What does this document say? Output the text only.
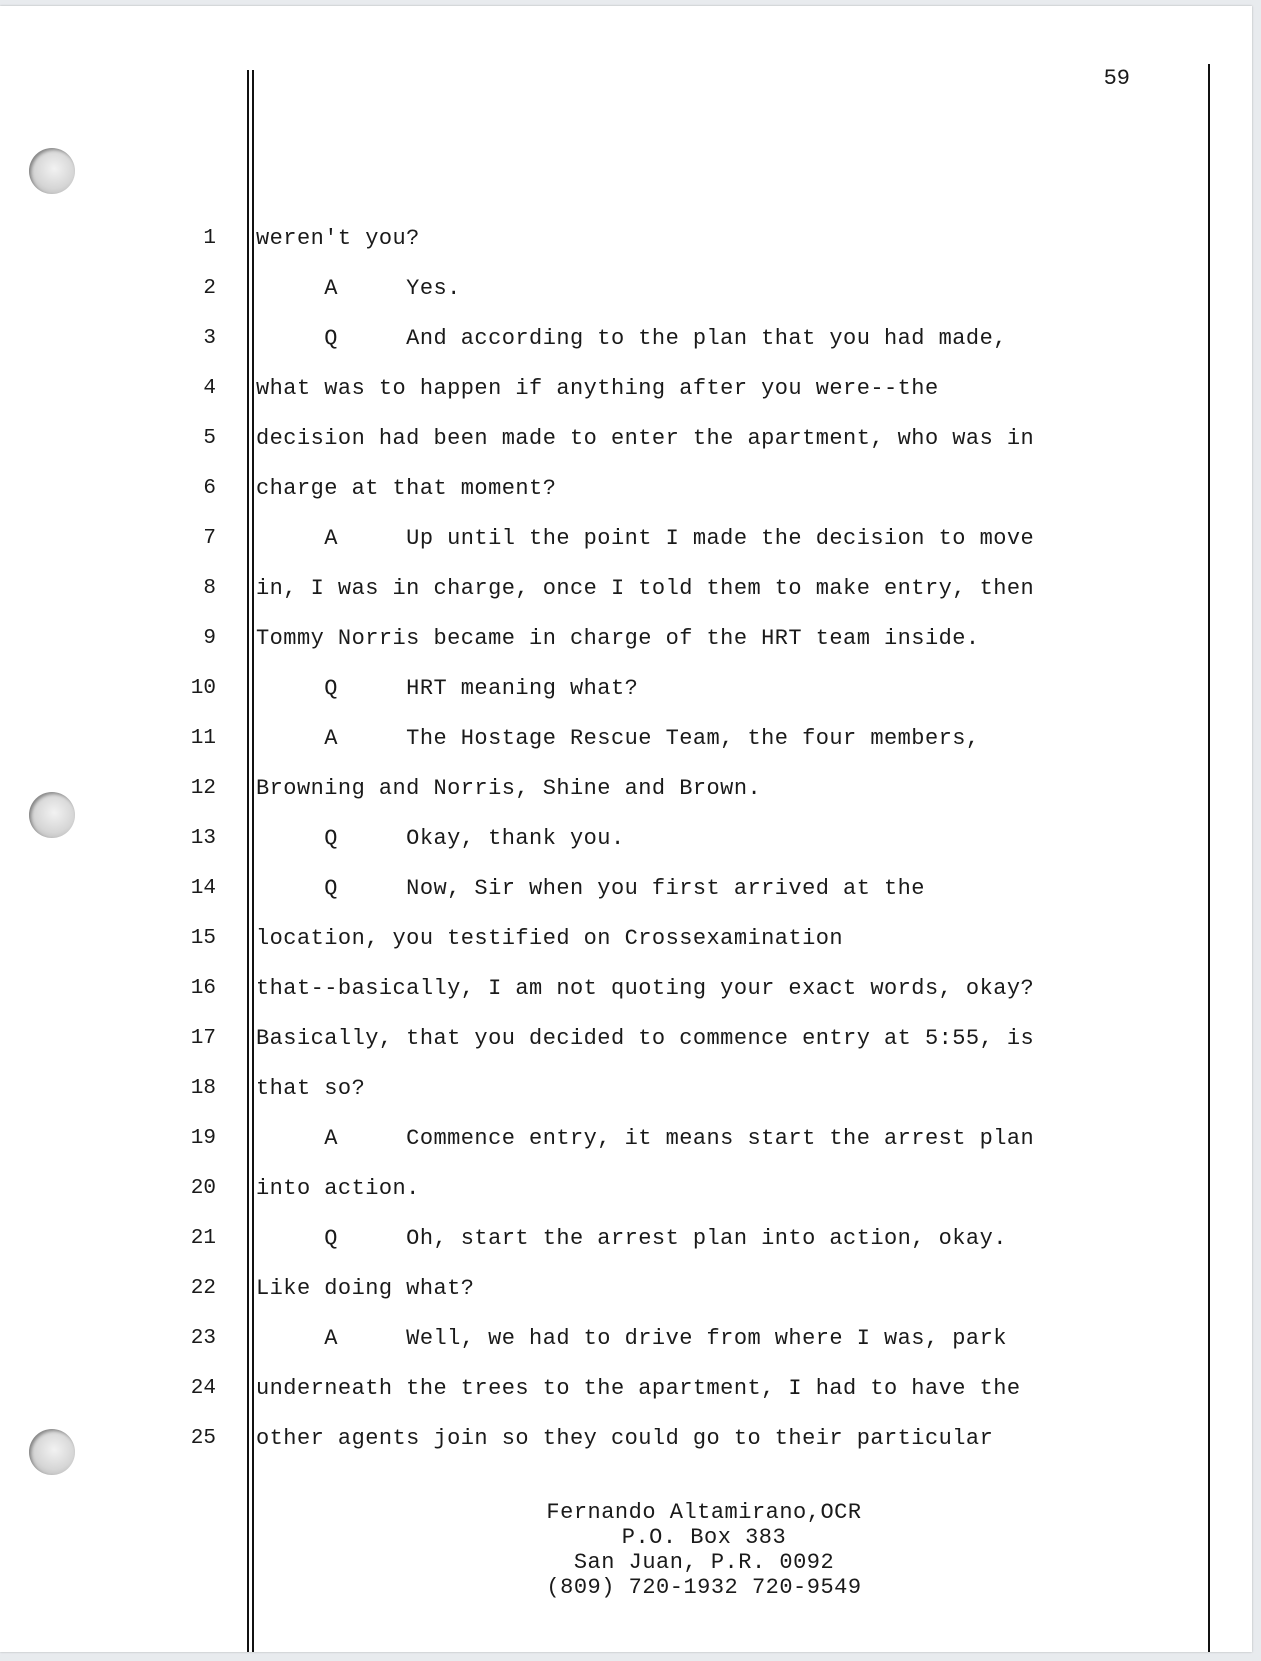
59
1 weren't you?
2 A     Yes.
3 Q     And according to the plan that you had made,
4 what was to happen if anything after you were--the
5 decision had been made to enter the apartment, who was in
6 charge at that moment?
7 A     Up until the point I made the decision to move
8 in, I was in charge, once I told them to make entry, then
9 Tommy Norris became in charge of the HRT team inside.
10 Q     HRT meaning what?
11 A     The Hostage Rescue Team, the four members,
12 Browning and Norris, Shine and Brown.
13 Q     Okay, thank you.
14 Q     Now, Sir when you first arrived at the
15 location, you testified on Crossexamination
16 that--basically, I am not quoting your exact words, okay?
17 Basically, that you decided to commence entry at 5:55, is
18 that so?
19 A     Commence entry, it means start the arrest plan
20 into action.
21 Q     Oh, start the arrest plan into action, okay.
22 Like doing what?
23 A     Well, we had to drive from where I was, park
24 underneath the trees to the apartment, I had to have the
25 other agents join so they could go to their particular
Fernando Altamirano,OCR
P.O. Box 383
San Juan, P.R. 0092
(809) 720-1932 720-9549
